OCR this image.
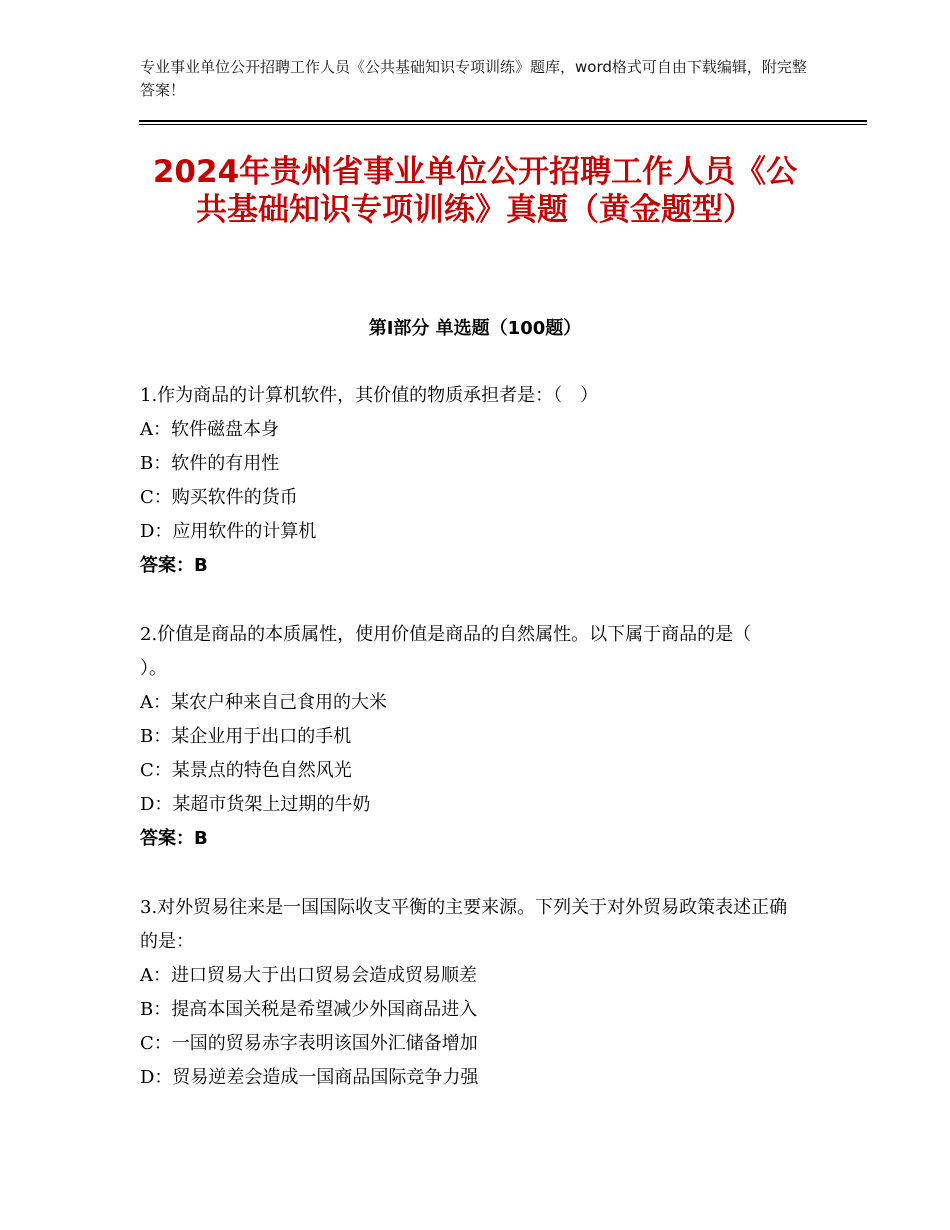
专业事业单位公开招聘工作人员《公共基础知识专项训练》题库，word格式可自由下载编辑，附完整答案！
2024年贵州省事业单位公开招聘工作人员《公共基础知识专项训练》真题（黄金题型）
第Ⅰ部分 单选题（100题）
1.作为商品的计算机软件，其价值的物质承担者是：（　）
A：软件磁盘本身
B：软件的有用性
C：购买软件的货币
D：应用软件的计算机
答案：B
2.价值是商品的本质属性，使用价值是商品的自然属性。以下属于商品的是（　　）。
A：某农户种来自己食用的大米
B：某企业用于出口的手机
C：某景点的特色自然风光
D：某超市货架上过期的牛奶
答案：B
3.对外贸易往来是一国国际收支平衡的主要来源。下列关于对外贸易政策表述正确的是：
A：进口贸易大于出口贸易会造成贸易顺差
B：提高本国关税是希望减少外国商品进入
C：一国的贸易赤字表明该国外汇储备增加
D：贸易逆差会造成一国商品国际竞争力强
